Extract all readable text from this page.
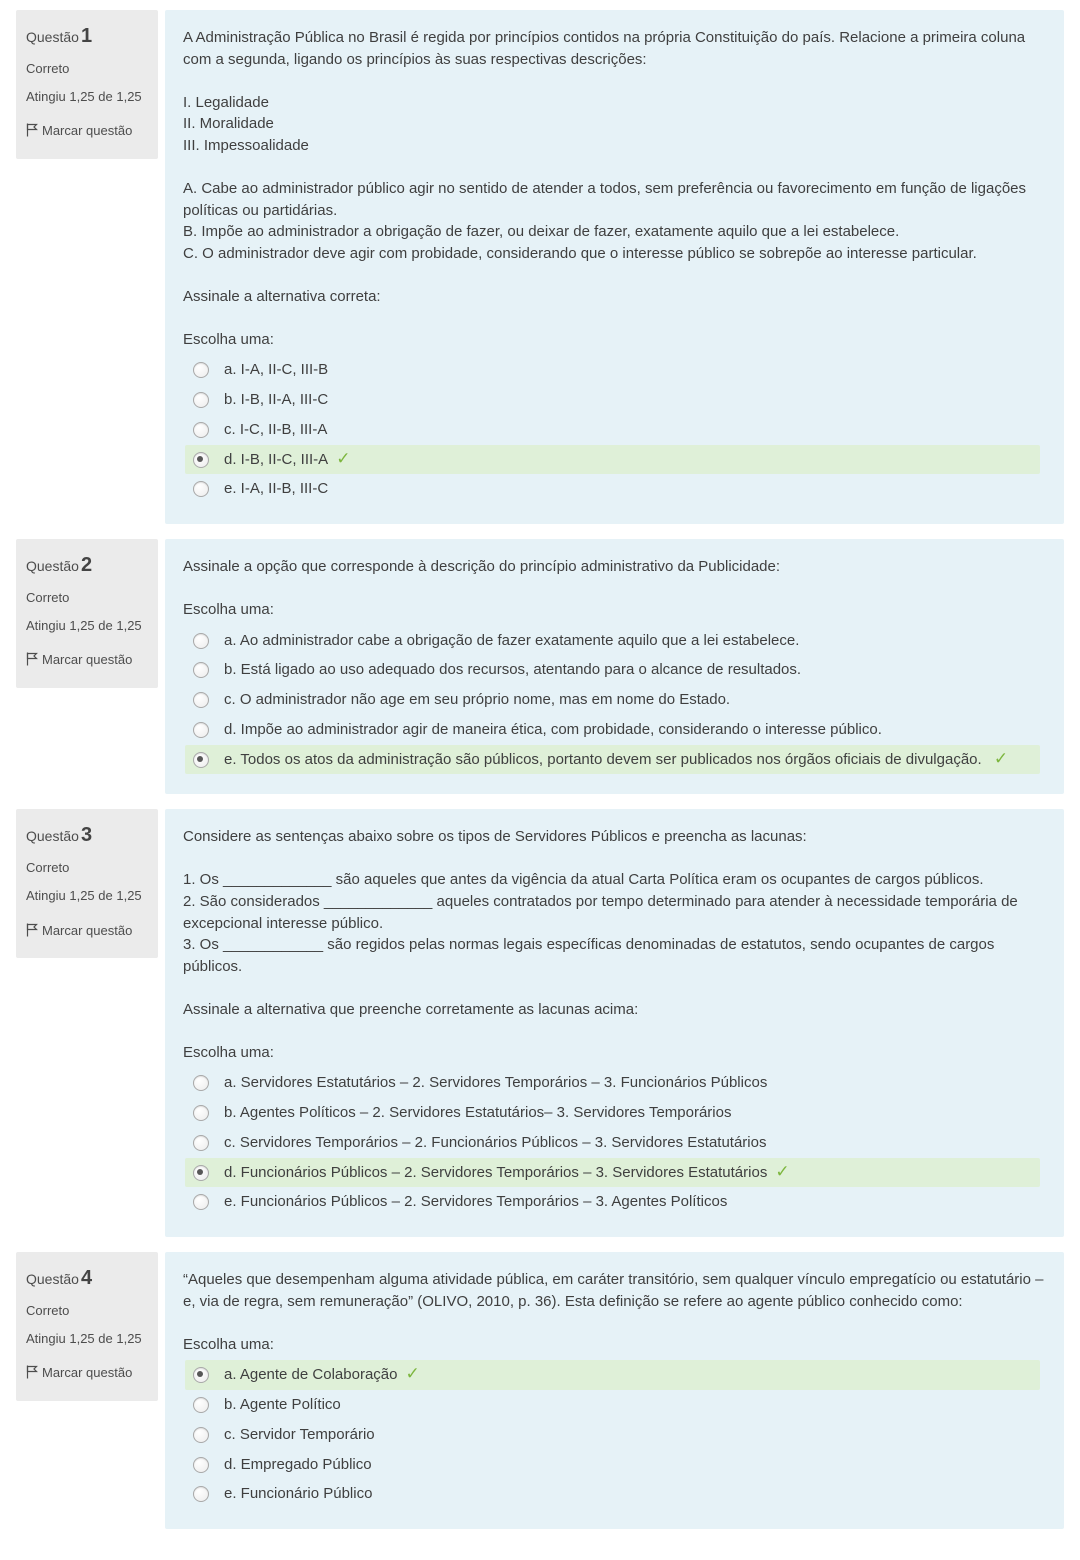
Questão 1
Correto
Atingiu 1,25 de 1,25
Marcar questão

A Administração Pública no Brasil é regida por princípios contidos na própria Constituição do país. Relacione a primeira coluna com a segunda, ligando os princípios às suas respectivas descrições:

I. Legalidade
II. Moralidade
III. Impessoalidade
A. Cabe ao administrador público agir no sentido de atender a todos, sem preferência ou favorecimento em função de ligações políticas ou partidárias.
B. Impõe ao administrador a obrigação de fazer, ou deixar de fazer, exatamente aquilo que a lei estabelece.
C. O administrador deve agir com probidade, considerando que o interesse público se sobrepõe ao interesse particular.

Assinale a alternativa correta:

Escolha uma:
a. I-A, II-C, III-B
b. I-B, II-A, III-C
c. I-C, II-B, III-A
d. I-B, II-C, III-A ✓
e. I-A, II-B, III-C
Questão 2
Correto
Atingiu 1,25 de 1,25
Marcar questão

Assinale a opção que corresponde à descrição do princípio administrativo da Publicidade:

Escolha uma:
a. Ao administrador cabe a obrigação de fazer exatamente aquilo que a lei estabelece.
b. Está ligado ao uso adequado dos recursos, atentando para o alcance de resultados.
c. O administrador não age em seu próprio nome, mas em nome do Estado.
d. Impõe ao administrador agir de maneira ética, com probidade, considerando o interesse público.
e. Todos os atos da administração são públicos, portanto devem ser publicados nos órgãos oficiais de divulgação. ✓
Questão 3
Correto
Atingiu 1,25 de 1,25
Marcar questão

Considere as sentenças abaixo sobre os tipos de Servidores Públicos e preencha as lacunas:

1. Os _____________ são aqueles que antes da vigência da atual Carta Política eram os ocupantes de cargos públicos.
2. São considerados _____________ aqueles contratados por tempo determinado para atender à necessidade temporária de excepcional interesse público.
3. Os ____________ são regidos pelas normas legais específicas denominadas de estatutos, sendo ocupantes de cargos públicos.

Assinale a alternativa que preenche corretamente as lacunas acima:

Escolha uma:
a. Servidores Estatutários – 2. Servidores Temporários – 3. Funcionários Públicos
b. Agentes Políticos – 2. Servidores Estatutários– 3. Servidores Temporários
c. Servidores Temporários – 2. Funcionários Públicos – 3. Servidores Estatutários
d. Funcionários Públicos – 2. Servidores Temporários – 3. Servidores Estatutários ✓
e. Funcionários Públicos – 2. Servidores Temporários – 3. Agentes Políticos
Questão 4
Correto
Atingiu 1,25 de 1,25
Marcar questão

“Aqueles que desempenham alguma atividade pública, em caráter transitório, sem qualquer vínculo empregatício ou estatutário – e, via de regra, sem remuneração” (OLIVO, 2010, p. 36). Esta definição se refere ao agente público conhecido como:

Escolha uma:
a. Agente de Colaboração ✓
b. Agente Político
c. Servidor Temporário
d. Empregado Público
e. Funcionário Público
